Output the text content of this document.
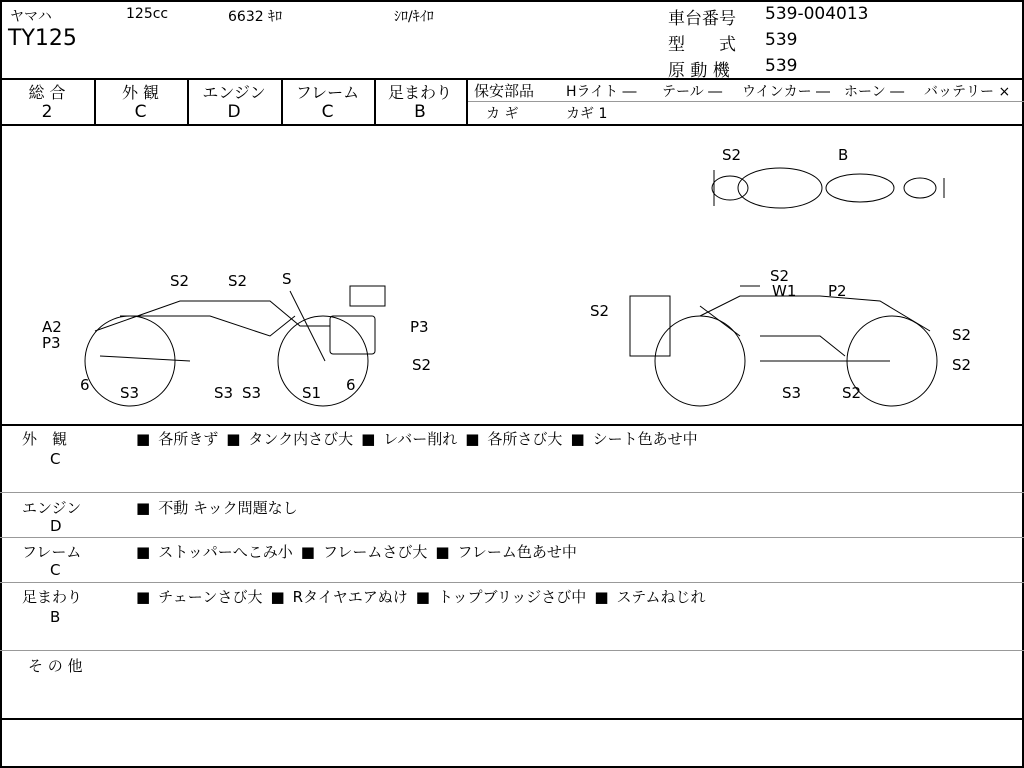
ヤマハ	125cc	6632 ｷﾛ	ｼﾛ/ｷｲﾛ
TY125
車台番号 539-004013
型　　式 539
原 動 機 539
総 合
2
外 観
C
エンジン
D
フレーム
C
足まわり
B
保安部品 Hライト ― テール ― ウインカー ― ホーン ― バッテリー ×
カ ギ	カギ 1
S2	B
S2
W1 P2
S2
S2
S2
S3	S2
S2	S2 S
A2
P3
P3
S2
6	6
S3	S3 S3	S1
外　観
C
■ 各所きず ■ タンク内さび大 ■ レバー削れ ■ 各所さび大 ■ シート色あせ中
エンジン
D
■ 不動 キック問題なし
フレーム
C
■ ストッパーへこみ小 ■ フレームさび大 ■ フレーム色あせ中
足まわり
B
■ チェーンさび大 ■ Rタイヤエアぬけ ■ トップブリッジさび中 ■ ステムねじれ
そ の 他
